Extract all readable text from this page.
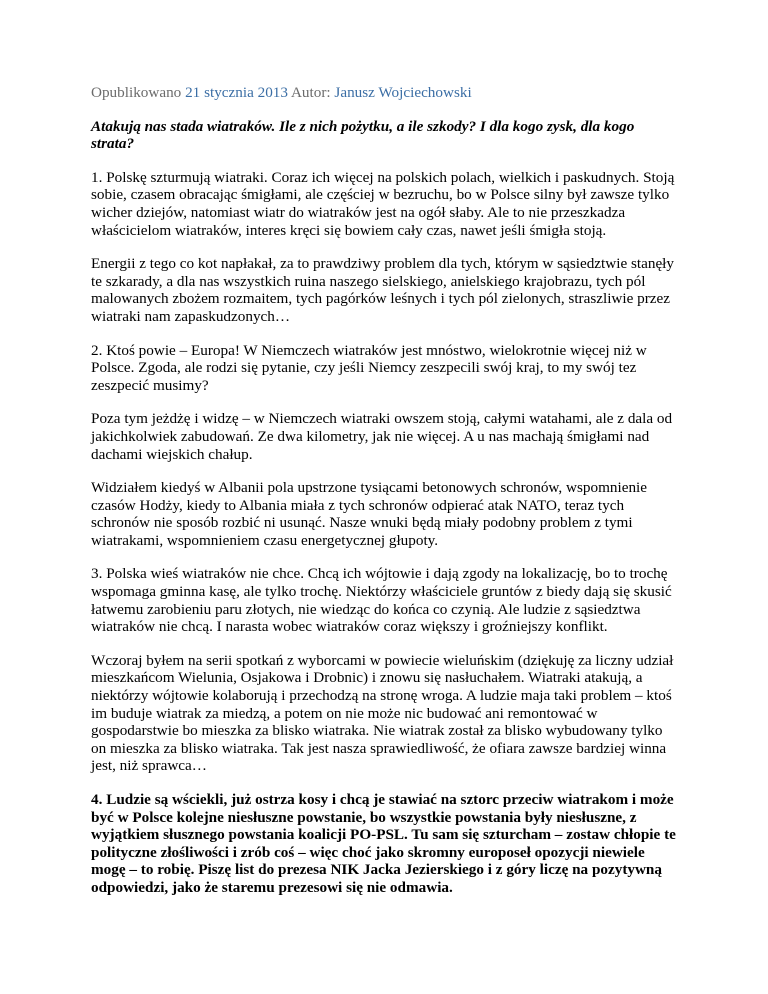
Opublikowano 21 stycznia 2013 Autor: Janusz Wojciechowski

Atakują nas stada wiatraków. Ile z nich pożytku, a ile szkody? I dla kogo zysk, dla kogo strata?

1. Polskę szturmują wiatraki. Coraz ich więcej na polskich polach, wielkich i paskudnych. Stoją sobie, czasem obracając śmigłami, ale częściej w bezruchu, bo w Polsce silny był zawsze tylko wicher dziejów, natomiast wiatr do wiatraków jest na ogół słaby. Ale to nie przeszkadza właścicielom wiatraków, interes kręci się bowiem cały czas, nawet jeśli śmigła stoją.

Energii z tego co kot napłakał, za to prawdziwy problem dla tych, którym w sąsiedztwie stanęły te szkarady, a dla nas wszystkich ruina naszego sielskiego, anielskiego krajobrazu, tych pól malowanych zbożem rozmaitem, tych pagórków leśnych i tych pól zielonych, straszliwie przez wiatraki nam zapaskudzonych…

2. Ktoś powie – Europa! W Niemczech wiatraków jest mnóstwo, wielokrotnie więcej niż w Polsce. Zgoda, ale rodzi się pytanie, czy jeśli Niemcy zeszpecili swój kraj, to my swój tez zeszpecić musimy?

Poza tym jeżdżę i widzę – w Niemczech wiatraki owszem stoją, całymi watahami, ale z dala od jakichkolwiek zabudowań. Ze dwa kilometry, jak nie więcej. A u nas machają śmigłami nad dachami wiejskich chałup.

Widziałem kiedyś w Albanii pola upstrzone tysiącami betonowych schronów, wspomnienie czasów Hodży, kiedy to Albania miała z tych schronów odpierać atak NATO, teraz tych schronów nie sposób rozbić ni usunąć. Nasze wnuki będą miały podobny problem z tymi wiatrakami, wspomnieniem czasu energetycznej głupoty.

3. Polska wieś wiatraków nie chce. Chcą ich wójtowie i dają zgody na lokalizację, bo to trochę wspomaga gminna kasę, ale tylko trochę. Niektórzy właściciele gruntów z biedy dają się skusić łatwemu zarobieniu paru złotych, nie wiedząc do końca co czynią. Ale ludzie z sąsiedztwa wiatraków nie chcą. I narasta wobec wiatraków coraz większy i groźniejszy konflikt.

Wczoraj byłem na serii spotkań z wyborcami w powiecie wieluńskim (dziękuję za liczny udział mieszkańcom Wielunia, Osjakowa i Drobnic) i znowu się nasłuchałem. Wiatraki atakują, a niektórzy wójtowie kolaborują i przechodzą na stronę wroga. A ludzie maja taki problem – ktoś im buduje wiatrak za miedzą, a potem on nie może nic budować ani remontować w gospodarstwie bo mieszka za blisko wiatraka. Nie wiatrak został za blisko wybudowany tylko on mieszka za blisko wiatraka. Tak jest nasza sprawiedliwość, że ofiara zawsze bardziej winna jest, niż sprawca…

4. Ludzie są wściekli, już ostrza kosy i chcą je stawiać na sztorc przeciw wiatrakom i może być w Polsce kolejne niesłuszne powstanie, bo wszystkie powstania były niesłuszne, z wyjątkiem słusznego powstania koalicji PO-PSL. Tu sam się szturcham – zostaw chłopie te polityczne złośliwości i zrób coś – więc choć jako skromny europoseł opozycji niewiele mogę – to robię. Piszę list do prezesa NIK Jacka Jezierskiego i z góry liczę na pozytywną odpowiedzi, jako że staremu prezesowi się nie odmawia.
